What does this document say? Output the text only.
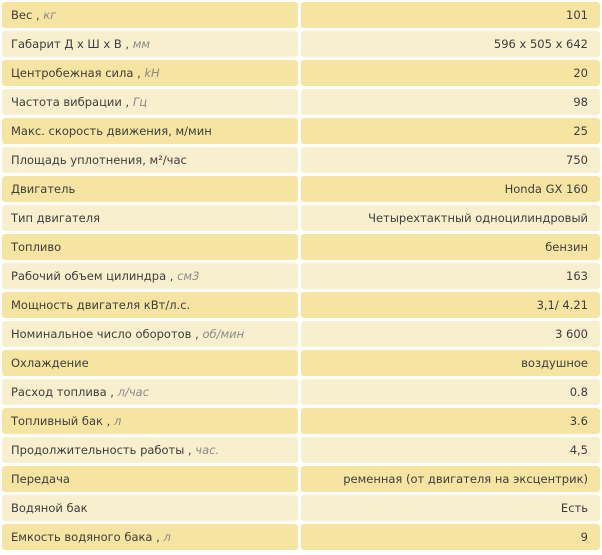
Вес , кг	101
Габарит Д х Ш х В , мм	596 х 505 х 642
Центробежная сила , kH	20
Частота вибрации , Гц	98
Макс. скорость движения, м/мин	25
Площадь уплотнения, м²/час	750
Двигатель	Honda GX 160
Тип двигателя	Четырехтактный одноцилиндровый
Топливо	бензин
Рабочий объем цилиндра , см3	163
Мощность двигателя кВт/л.с.	3,1/ 4.21
Номинальное число оборотов , об/мин	3 600
Охлаждение	воздушное
Расход топлива , л/час	0.8
Топливный бак , л	3.6
Продолжительность работы , час.	4,5
Передача	ременная (от двигателя на эксцентрик)
Водяной бак	Есть
Емкость водяного бака , л	9
